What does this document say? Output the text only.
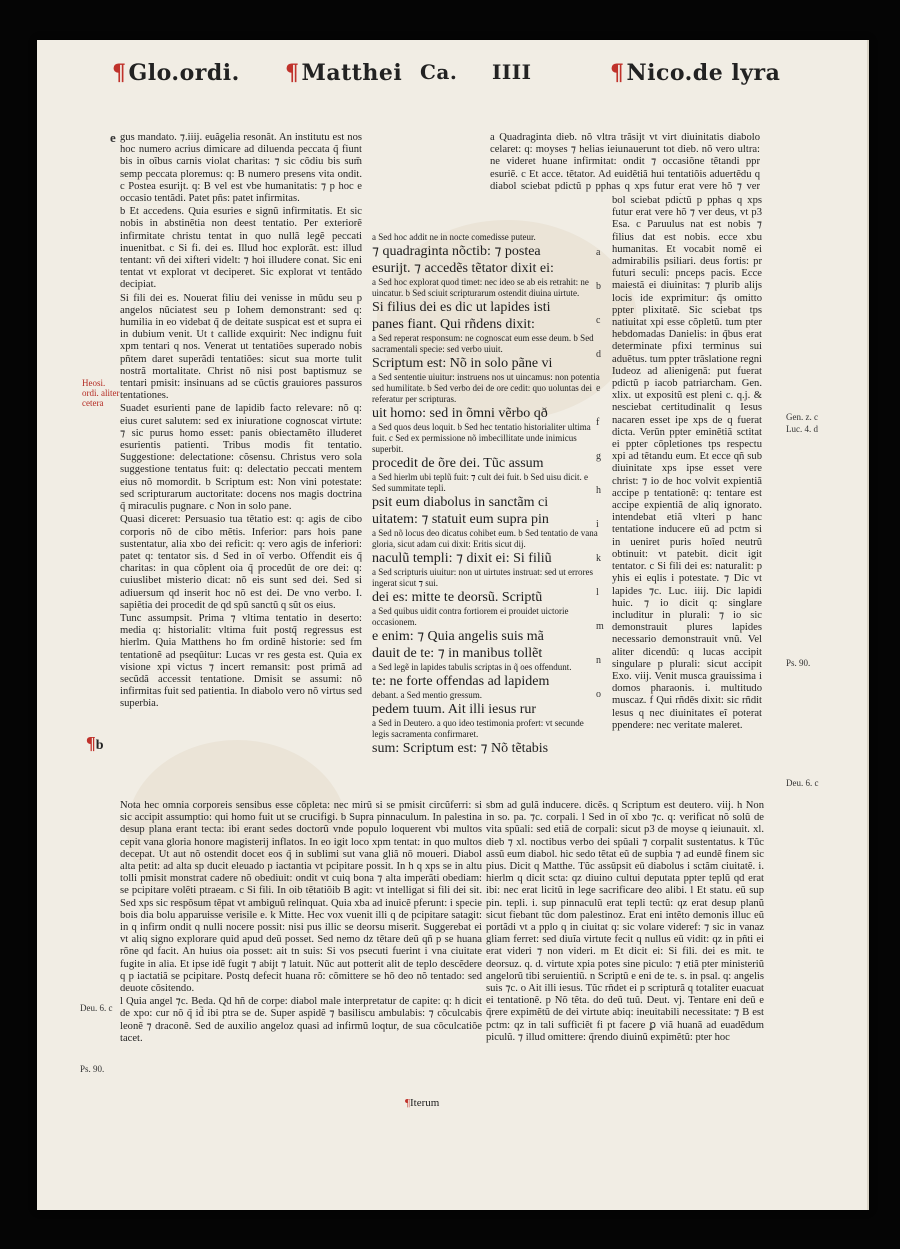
¶Glo.ordi. ¶Matthei Ca. IIII	¶Nico.de lyra

gus mandato. ⁊.iiij. euãgelia resonãt. An institutu est nos hoc numero acrius dimicare ad diluenda peccata q̃ fiunt bis in oĩbus carnis violat charitas: ⁊ sic cõdiu bis sum̃ semp peccata ploremus: q: B numero presens vita ondit. c Postea esurijt. q: B vel est vbe humanitatis: ⁊ p hoc e occasio tentãdi. Patet pñs: patet infirmitas.

b Et accedens. Quia esuries e signũ infirmitatis. Et sic nobis in abstinẽtia non deest tentatio. Per exteriorẽ infirmitate christu tentat in quo nullã legẽ peccati inuenitbat. c Si fi. dei es. Illud hoc explorãt. est: illud tentant: vñ dei xifteri videlt: ⁊ hoi illudere conat. Sic eni tentat vt explorat vt deciperet. Sic explorat vt tentãdo decipiat.

Si fili dei es. Nouerat filiu dei venisse in mũdu seu p angelos nũciatest seu p Iohem demonstrant: sed q: humilia in eo videbat q̃ de deitate suspicat est et supra ei in dubium venit. Ut t callide exquirit: Nec indignu fuit xpm tentari q nos. Venerat ut tentatiões superado nobis pñtem daret superãdi tentatiões: sicut sua morte tulit nostrã mortalitate. Christ nõ nisi post baptismuz se tentari pmisit: insinuans ad se cũctis grauiores passuros tentationes.

Suadet esurienti pane de lapidib facto relevare: nõ q: eius curet salutem: sed ex iniuratione cognoscat virtute: ⁊ sic purus homo esset: panis obiectamẽto illuderet esurientis patienti. Tribus modis fit tentatio. Suggestione: delectatione: cõsensu. Christus vero sola suggestione tentatus fuit: q: delectatio peccati mentem eius nõ momordit. b Scriptum est: Non vini potestate: sed scripturarum auctoritate: docens nos magis doctrina q̃ miraculis pugnare. c Non in solo pane.

Quasi diceret: Persuasio tua tẽtatio est: q: agis de cibo corporis nõ de cibo mẽtis. Inferior: pars hois pane sustentatur, alia xbo dei reficit: q: vero agis de inferiori: patet q: tentator sis. d Sed in oĩ verbo. Offendit eis q̃ charitas: in qua cõplent oia q̃ procedũt de ore dei: q: cuiuslibet misterio dicat: nõ eis sunt sed dei. Sed si adiuersum qd inserit hoc nõ est dei. De vno verbo. I. sapiẽtia dei procedit de qd spũ sanctũ q sũt os eius.

Tunc assumpsit. Prima ⁊ vltima tentatio in deserto: media q: historialit: vltima fuit postq̃ regressus est hierlm. Quia Matthens ho fm ordinẽ historie: sed fm tentationẽ ad pseqũitur: Lucas vr res gesta est. Quia ex visione xpi victus ⁊ incert remansit: post primã ad secũdã accessit tentatione. Dmisit se assumi: nõ infirmitas fuit sed patientia. In diabolo vero nõ virtus sed superbia.

Nota hec omnia corporeis sensibus esse cõpleta: nec mirũ si se pmisit circũferri: si sic accipit assumptio: qui homo fuit ut se crucifigi. b Supra pinnaculum. In palestina desup plana erant tecta: ibi erant sedes doctorũ vnde populo loquerent vbi multos cepit vana gloria honore magisterij inflatos. In eo igit loco xpm tentat: in quo multos decepat. Ut aut nõ ostendit docet eos q̃ in sublimi sut vana gliã nõ moueri. Diabol alta petit: ad alta sp ducit eleuado p iactantia vt pcipitare possit. In h q xps se in altu tolli pmisit monstrat cadere nõ obediuit: ondit vt cuiq bona ⁊ alta imperãti obediam: se pcipitare volẽti ptraeam. c Si fili. In oib tẽtatiõib B agit: vt intelligat si fili dei sit. Sed xps sic respõsum tẽpat vt ambiguũ relinquat. Quia xba ad inuicẽ pferunt: i specie bois dia bolu apparuisse verisile e. k Mitte. Hec vox vuenit illi q de pcipitare satagit: in q infirm ondit q nulli nocere possit: nisi pus illic se deorsu miserit. Suggerebat ei vt aliq signo explorare quid apud deũ posset. Sed nemo dz tẽtare deũ qñ p se huana rõne qd facit. An huius oia posset: ait tn suis: Si vos psecuti fuerint i vna ciuitate fugite in alia. Et ipse idẽ fugit ⁊ abijt ⁊ latuit. Nũc aut potterit alit de teplo descẽdere q p iactatiã se pcipitare. Postq defecit huana rõ: cõmittere se hõ deo nõ tentado: sed deuote cõsitendo.

l Quia angel ⁊c. Beda. Qd hñ de corpe: diabol male interpretatur de capite: q: h dicit de xpo: cur nõ q̃ id̃ ibi ptra se de. Super aspidẽ ⁊ basiliscu ambulabis: ⁊ cõculcabis leonẽ ⁊ draconẽ. Sed de auxilio angeloz quasi ad infirmũ loqtur, de sua cõculcatiõe tacet.

a Sed hoc addit ne in nocte comedisse puteur.

⁊ quadraginta nõctib: ⁊ postea

esurijt. ⁊ accedẽs tẽtator dixit ei:

a Sed hoc explorat quod timet: nec ideo se ab eis retrahit: ne uincatur. b Sed sciuit scripturarum ostendit diuina uirtute.

Si filius dei es dic ut lapides isti

panes fiant. Qui rñdens dixit:

a Sed reperat responsum: ne cognoscat eum esse deum. b Sed sacramentali specie: sed verbo uiuit.

Scriptum est: Nõ in solo pãne vi

a Sed sententie uiuitur: instruens nos ut uincamus: non potentia sed humilitate. b Sed verbo dei de ore cedit: quo uoluntas dei referatur per scripturas.

uit homo: sed in õmni vẽrbo qð

a Sed quos deus loquit. b Sed hec tentatio historialiter ultima fuit. c Sed ex permissione nõ imbecillitate unde inimicus superbit.

procedit de õre dei. Tũc assum

a Sed hierlm ubi teplũ fuit: ⁊ cult dei fuit. b Sed uisu dicit. e Sed summitate tepli.

psit eum diabolus in sanctãm ci

uitatem: ⁊ statuit eum supra pin

a Sed nõ locus deo dicatus cohibet eum. b Sed tentatio de vana gloria, sicut adam cui dixit: Eritis sicut dij.

naculũ templi: ⁊ dixit ei: Si filiũ

a Sed scripturis uiuitur: non ut uirtutes instruat: sed ut errores ingerat sicut ⁊ sui.

dei es: mitte te deorsũ. Scriptũ

a Sed quibus uidit contra fortiorem ei prouidet uictorie occasionem.

e enim: ⁊ Quia angelis suis mã

dauit de te: ⁊ in manibus tollẽt

a Sed legẽ in lapides tabulis scriptas in q̃ oes offendunt.

te: ne forte offendas ad lapidem

debant. a Sed mentio gressum.

pedem tuum. Ait illi iesus rur

a Sed in Deutero. a quo ideo testimonia profert: vt secunde legis sacramenta confirmaret.

sum: Scriptum est: ⁊ Nõ tẽtabis

a Quadraginta dieb. nõ vltra trãsijt vt virt diuinitatis diabolo celaret: q: moyses ⁊ helias ieiunauerunt tot dieb. nõ vero ultra: ne videret huane infirmitat: ondit ⁊ occasiõne tẽtandi ppr esuriẽ. c Et acce. tẽtator. Ad euidẽtiã hui tentatiõis aduertẽdu q diabol sciebat pdictũ p pphas q xps futur erat vere hõ ⁊ ver

bol sciebat pdictũ p pphas q xps futur erat vere hõ ⁊ ver deus, vt p3 Esa. c Paruulus nat est nobis ⁊ filius dat est nobis. ecce xbu humanitas. Et vocabit nomẽ ei admirabilis psiliari. deus fortis: pr futuri seculi: pnceps pacis. Ecce maiestã ei diuinitas: ⁊ plurib alijs locis ide exprimitur: q̃s omitto ppter plixitatẽ. Sic sciebat tps natiuitat xpi esse cõpletũ. tum pter hebdomadas Danielis: in q̃bus erat determinate pfixi terminus sui aduẽtus. tum ppter trãslatione regni Iudeoz ad alienigenã: put fuerat pdictũ p iacob patriarcham. Gen. xlix. ut expositũ est pleni c. q.j. & nesciebat certitudinalit q Iesus nacaren esset ipe xps de q fuerat dicta. Verũn ppter eminẽtiã sctitat ei ppter cõpletiones tps respectu xpi ad tẽtandu eum. Et ecce qñ sub diuinitate xps ipse esset vere christ: ⁊ io de hoc volvit expientiã accipe p tentationẽ: q: tentare est accipe expientiã de aliq ignorato. intendebat etiã vlteri p hanc tentatione inducere eũ ad pctm si in ueniret puris hoĩed neutrũ obtinuit: vt patebit. dicit igit tentator. c Si fili dei es: naturalit: p yhis ei eqlis i potestate. ⁊ Dic vt lapides ⁊c. Luc. iiij. Dic lapidi huic. ⁊ io dicit q: singlare includitur in plurali: ⁊ io sic demonstrauit plures lapides necessario demonstrauit vnũ. Vel aliter dicendũ: q lucas accipit singulare p plurali: sicut accipit Exo. viij. Venit musca grauissima i domos pharaonis. i. multitudo muscaz. f Qui rñdẽs dixit: sic rñdit lesus q nec diuinitates eĩ poterat ppendere: nec veritate maleret.

sbm ad gulã inducere. dicẽs. q Scriptum est deutero. viij. h Non in so. pa. ⁊c. corpali. l Sed in oĩ xbo ⁊c. q: verificat nõ solũ de vita spũali: sed etiã de corpali: sicut p3 de moyse q ieiunauit. xl. dieb ⁊ xl. noctibus verbo dei spũali ⁊ corpalit sustentatus. k Tũc assũ eum diabol. hic sedo tẽtat eũ de supbia ⁊ ad eundẽ finem sic pius. Dicit q Matthe. Tũc assũpsit eũ diabolus i sctãm ciuitatẽ. i. hierlm q dicit scta: qz diuino cultui deputata ppter teplũ qd erat ibi: nec erat licitũ in lege sacrificare deo alibi. l Et statu. eũ sup pin. tepli. i. sup pinnaculũ erat tepli tectũ: qz erat desup planũ sicut fiebant tũc dom palestinoz. Erat eni intẽto demonis illuc eũ portãdi vt a pplo q in ciuitat q: sic volare videref: ⁊ sic in vanaz gliam ferret: sed diuĩa virtute fecit q nullus eũ vidit: qz in pñti ei erat videri ⁊ non videri. m Et dicit ei: Si fili. dei es mit. te deorsuz. q. d. virtute xpia potes sine piculo: ⁊ etiã pter ministeriũ angelorũ tibi seruientiũ. n Scriptũ e eni de te. s. in psal. q: angelis suis ⁊c. o Ait illi iesus. Tũc rñdet ei p scripturã q totaliter euacuat ei tentationẽ. p Nõ tẽta. do deũ tuũ. Deut. vj. Tentare eni deũ e q̃rere expimẽtũ de dei virtute abiq: ineuitabili necessitate: ⁊ B est pctm: qz in tali sufficiẽt fi pt facere ꝑ viã huanã ad euadẽdum piculũ. ⁊ illud omittere: q̃rendo diuinũ expimẽtũ: pter hoc

a
b
c
d
e
f
g
h
i
k
l
m
n
o
Heosi.
ordi. aliter
cetera
Gen. z. c
Luc. 4. d
Ps. 90.
Deu. 6. c
Deu. 6. c
Ps. 90.
¶b
e
¶Iterum
